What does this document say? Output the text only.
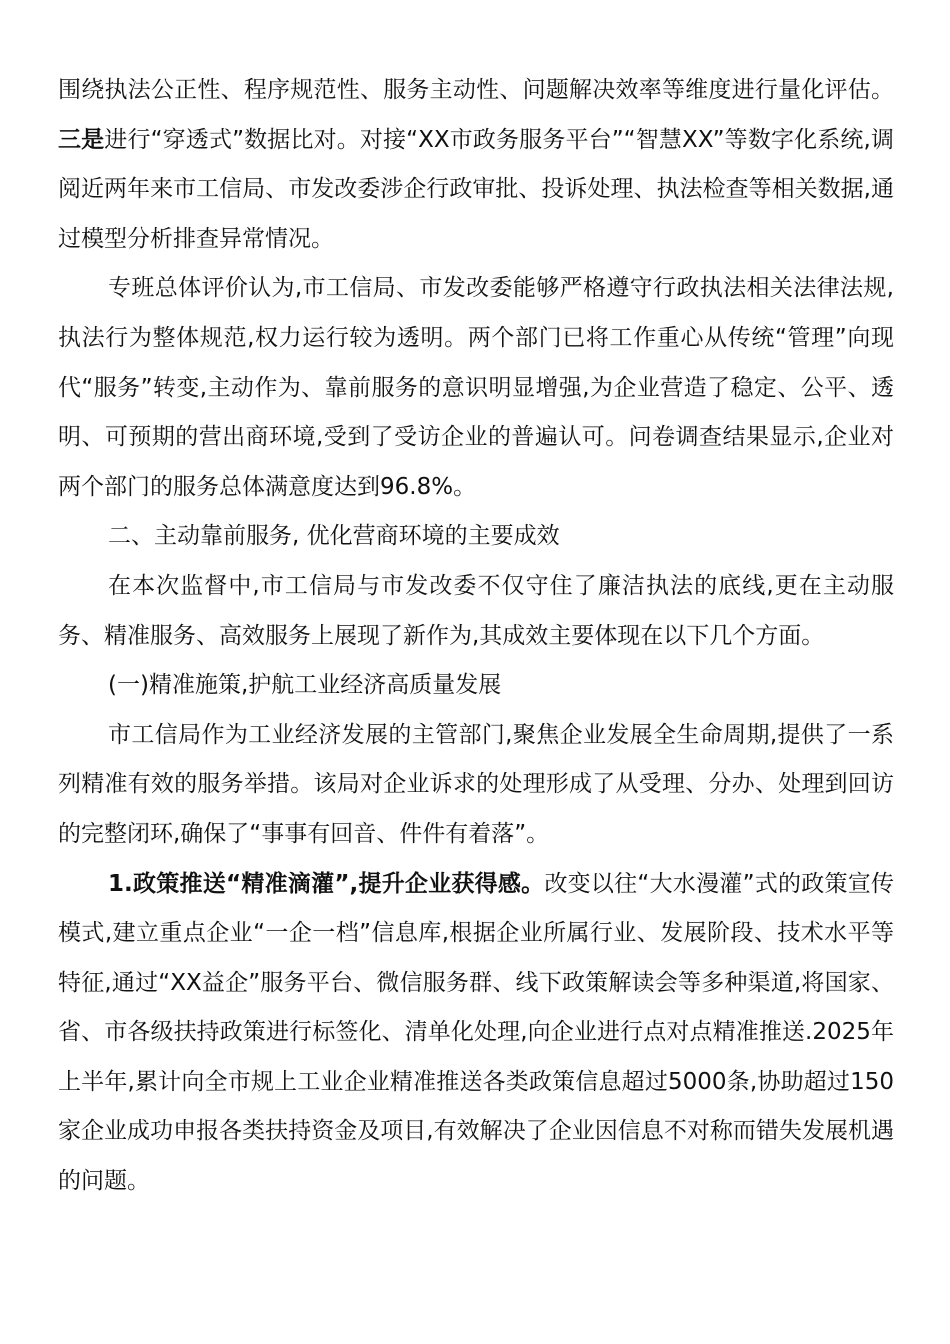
围绕执法公正性、程序规范性、服务主动性、问题解决效率等维度进行量化评估。三是进行“穿透式”数据比对。对接“XX市政务服务平台”“智慧XX”等数字化系统,调阅近两年来市工信局、市发改委涉企行政审批、投诉处理、执法检查等相关数据,通过模型分析排查异常情况。

专班总体评价认为,市工信局、市发改委能够严格遵守行政执法相关法律法规,执法行为整体规范,权力运行较为透明。两个部门已将工作重心从传统“管理”向现代“服务”转变,主动作为、靠前服务的意识明显增强,为企业营造了稳定、公平、透明、可预期的营出商环境,受到了受访企业的普遍认可。问卷调查结果显示,企业对两个部门的服务总体满意度达到96.8%。

二、主动靠前服务, 优化营商环境的主要成效

在本次监督中,市工信局与市发改委不仅守住了廉洁执法的底线,更在主动服务、精准服务、高效服务上展现了新作为,其成效主要体现在以下几个方面。

(一)精准施策,护航工业经济高质量发展

市工信局作为工业经济发展的主管部门,聚焦企业发展全生命周期,提供了一系列精准有效的服务举措。该局对企业诉求的处理形成了从受理、分办、处理到回访的完整闭环,确保了“事事有回音、件件有着落”。

1.政策推送“精准滴灌”,提升企业获得感。改变以往“大水漫灌”式的政策宣传模式,建立重点企业“一企一档”信息库,根据企业所属行业、发展阶段、技术水平等特征,通过“XX益企”服务平台、微信服务群、线下政策解读会等多种渠道,将国家、省、市各级扶持政策进行标签化、清单化处理,向企业进行点对点精准推送.2025年上半年,累计向全市规上工业企业精准推送各类政策信息超过5000条,协助超过150家企业成功申报各类扶持资金及项目,有效解决了企业因信息不对称而错失发展机遇的问题。
